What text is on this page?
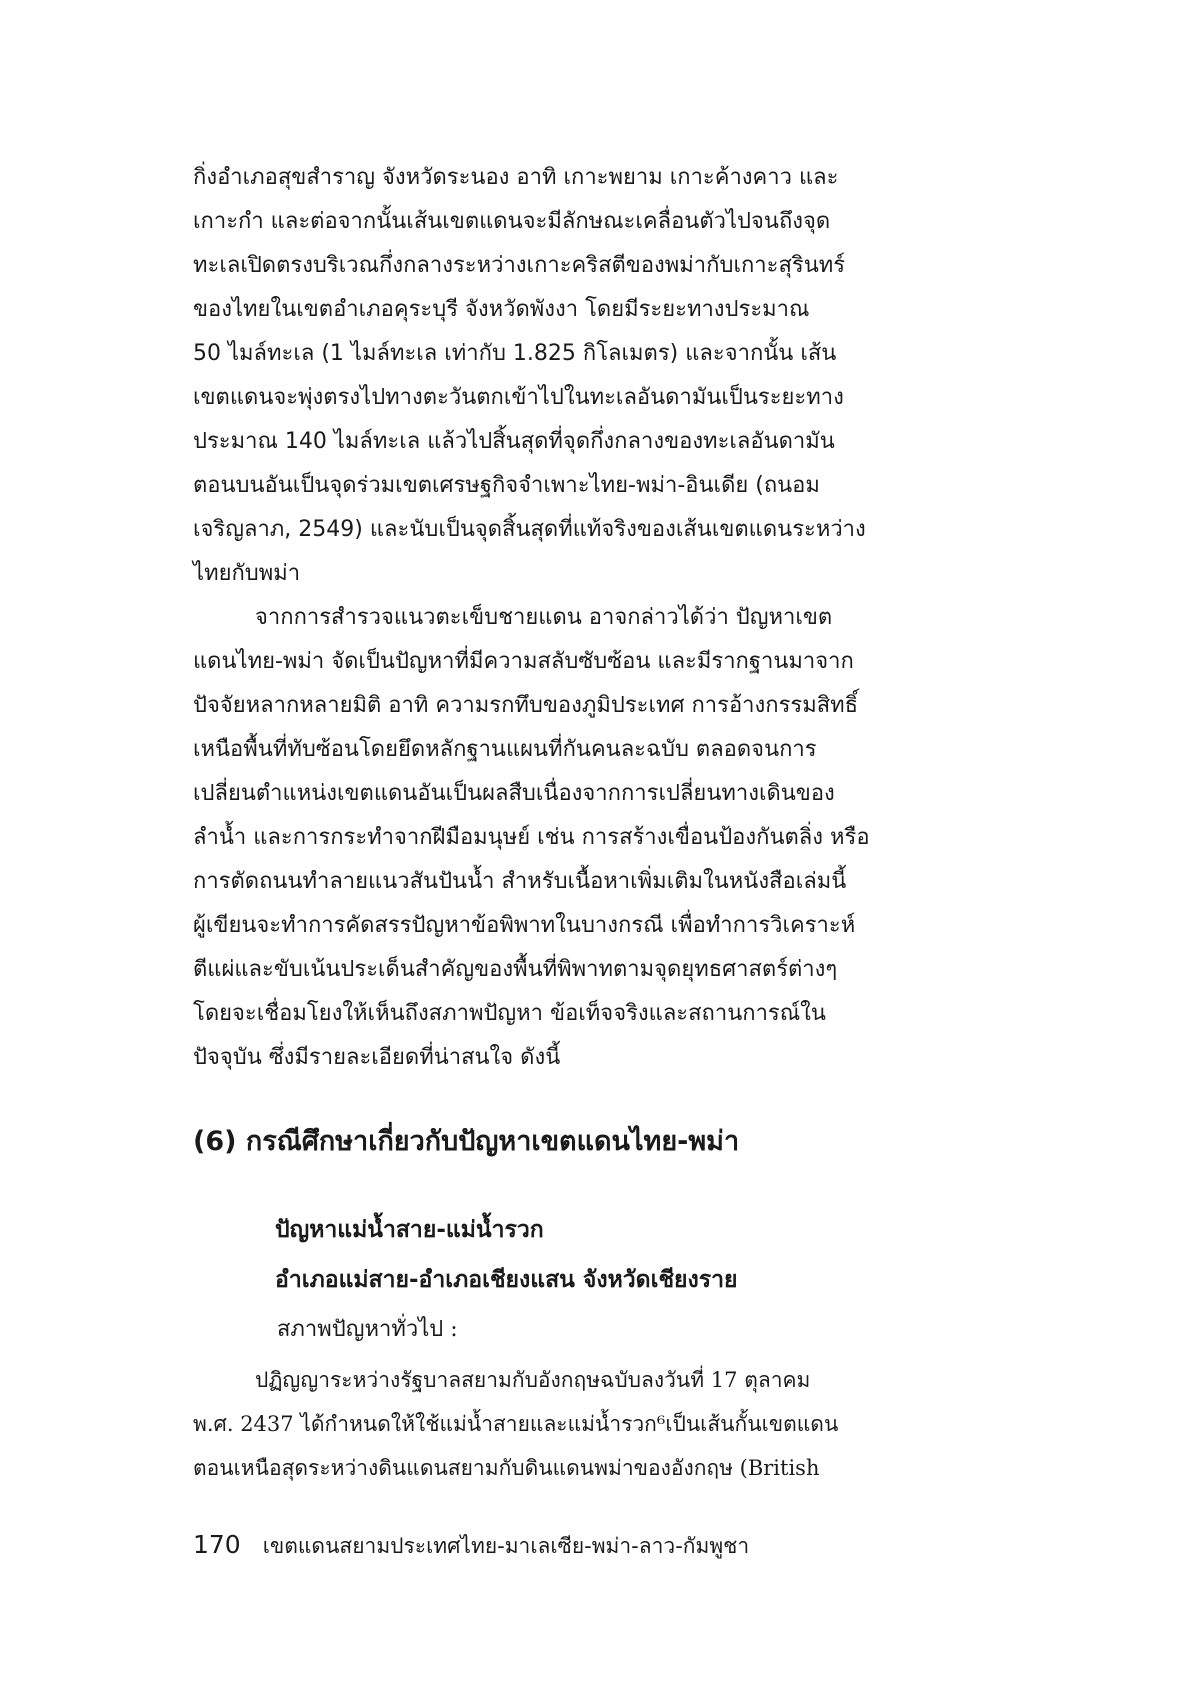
กิ่งอำเภอสุขสำราญ จังหวัดระนอง อาทิ เกาะพยาม เกาะค้างคาว และ
เกาะกำ และต่อจากนั้นเส้นเขตแดนจะมีลักษณะเคลื่อนตัวไปจนถึงจุด
ทะเลเปิดตรงบริเวณกึ่งกลางระหว่างเกาะคริสตีของพม่ากับเกาะสุรินทร์
ของไทยในเขตอำเภอคุระบุรี จังหวัดพังงา โดยมีระยะทางประมาณ
50 ไมล์ทะเล (1 ไมล์ทะเล เท่ากับ 1.825 กิโลเมตร) และจากนั้น เส้น
เขตแดนจะพุ่งตรงไปทางตะวันตกเข้าไปในทะเลอันดามันเป็นระยะทาง
ประมาณ 140 ไมล์ทะเล แล้วไปสิ้นสุดที่จุดกึ่งกลางของทะเลอันดามัน
ตอนบนอันเป็นจุดร่วมเขตเศรษฐกิจจำเพาะไทย-พม่า-อินเดีย (ถนอม
เจริญลาภ, 2549) และนับเป็นจุดสิ้นสุดที่แท้จริงของเส้นเขตแดนระหว่าง
ไทยกับพม่า
จากการสำรวจแนวตะเข็บชายแดน อาจกล่าวได้ว่า ปัญหาเขต
แดนไทย-พม่า จัดเป็นปัญหาที่มีความสลับซับซ้อน และมีรากฐานมาจาก
ปัจจัยหลากหลายมิติ อาทิ ความรกทึบของภูมิประเทศ การอ้างกรรมสิทธิ์
เหนือพื้นที่ทับซ้อนโดยยึดหลักฐานแผนที่กันคนละฉบับ ตลอดจนการ
เปลี่ยนตำแหน่งเขตแดนอันเป็นผลสืบเนื่องจากการเปลี่ยนทางเดินของ
ลำน้ำ และการกระทำจากฝีมือมนุษย์ เช่น การสร้างเขื่อนป้องกันตลิ่ง หรือ
การตัดถนนทำลายแนวสันปันน้ำ สำหรับเนื้อหาเพิ่มเติมในหนังสือเล่มนี้
ผู้เขียนจะทำการคัดสรรปัญหาข้อพิพาทในบางกรณี เพื่อทำการวิเคราะห์
ตีแผ่และขับเน้นประเด็นสำคัญของพื้นที่พิพาทตามจุดยุทธศาสตร์ต่างๆ
โดยจะเชื่อมโยงให้เห็นถึงสภาพปัญหา ข้อเท็จจริงและสถานการณ์ใน
ปัจจุบัน ซึ่งมีรายละเอียดที่น่าสนใจ ดังนี้
(6) กรณีศึกษาเกี่ยวกับปัญหาเขตแดนไทย-พม่า
ปัญหาแม่น้ำสาย-แม่น้ำรวก
อำเภอแม่สาย-อำเภอเชียงแสน จังหวัดเชียงราย

สภาพปัญหาทั่วไป :

ปฏิญญาระหว่างรัฐบาลสยามกับอังกฤษฉบับลงวันที่ 17 ตุลาคม
พ.ศ. 2437 ได้กำหนดให้ใช้แม่น้ำสายและแม่น้ำรวก⁶เป็นเส้นกั้นเขตแดน
ตอนเหนือสุดระหว่างดินแดนสยามกับดินแดนพม่าของอังกฤษ (British
170 เขตแดนสยามประเทศไทย-มาเลเซีย-พม่า-ลาว-กัมพูชา
